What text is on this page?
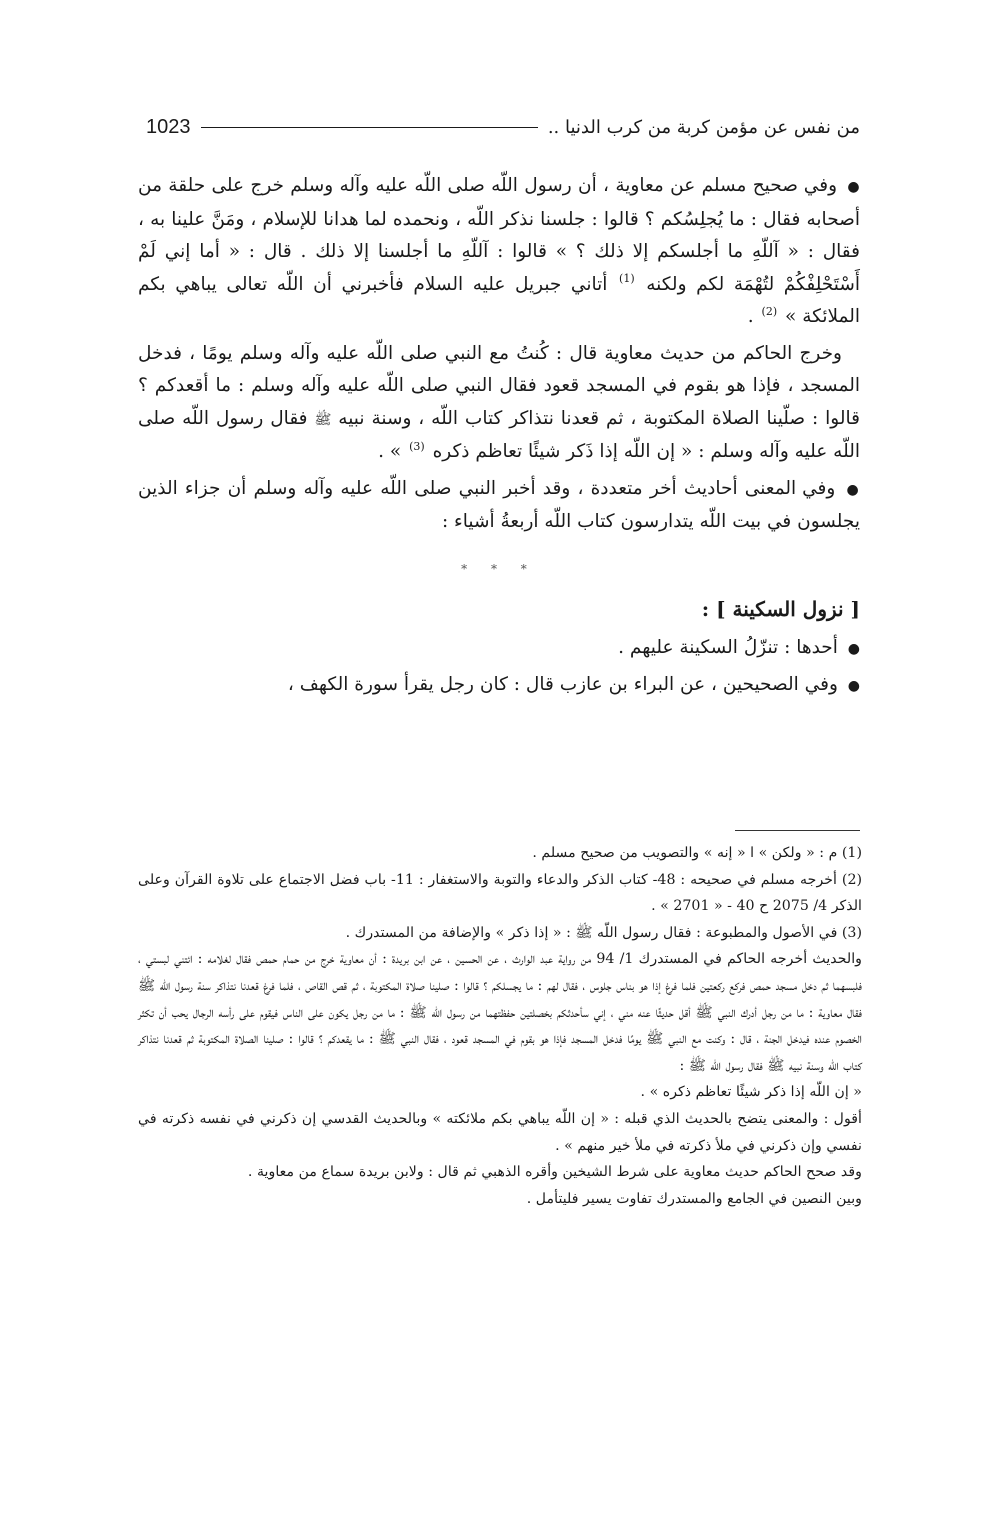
من نفس عن مؤمن كربة من كرب الدنيا ..
1023

● وفي صحيح مسلم عن معاوية ، أن رسول اللّه صلى اللّه عليه وآله وسلم خرج على حلقة من أصحابه فقال : ما يُجلِسُكم ؟ قالوا : جلسنا نذكر اللّه ، ونحمده لما هدانا للإسلام ، ومَنَّ علينا به ، فقال : « آللّهِ ما أجلسكم إلا ذلك ؟ » قالوا : آللّهِ ما أجلسنا إلا ذلك . قال : « أما إني لَمْ أَسْتَحْلِفْكُمْ لتُهْمَة لكم ولكنه $^{(1)}$ أتاني جبريل عليه السلام فأخبرني أن اللّه تعالى يباهي بكم الملائكة » $^{(2)}$ .

وخرج الحاكم من حديث معاوية قال : كُنتُ مع النبي صلى اللّه عليه وآله وسلم يومًا ، فدخل المسجد ، فإذا هو بقوم في المسجد قعود فقال النبي صلى اللّه عليه وآله وسلم : ما أقعدكم ؟ قالوا : صلّينا الصلاة المكتوبة ، ثم قعدنا نتذاكر كتاب اللّه ، وسنة نبيه ﷺ فقال رسول اللّه صلى اللّه عليه وآله وسلم : « إن اللّه إذا ذَكر شيئًا تعاظم ذكره $^{(3)}$ » .

● وفي المعنى أحاديث أخر متعددة ، وقد أخبر النبي صلى اللّه عليه وآله وسلم أن جزاء الذين يجلسون في بيت اللّه يتدارسون كتاب اللّه أربعةُ أشياء :

* * *
[ نزول السكينة ] :

● أحدها : تنزّلُ السكينة عليهم .

● وفي الصحيحين ، عن البراء بن عازب قال : كان رجل يقرأ سورة الكهف ،

(1) م : « ولكن » ا « إنه » والتصويب من صحيح مسلم .

(2) أخرجه مسلم في صحيحه : 48- كتاب الذكر والدعاء والتوبة والاستغفار : 11- باب فضل الاجتماع على تلاوة القرآن وعلى الذكر 4/ 2075 ح 40 - « 2701 » .

(3) في الأصول والمطبوعة : فقال رسول اللّه ﷺ : « إذا ذكر » والإضافة من المستدرك .

والحديث أخرجه الحاكم في المستدرك 1/ 94 من رواية عبد الوارث ، عن الحسين ، عن ابن بريدة : أن معاوية خرج من حمام حمص فقال لغلامه : ائتني لبستي ، فلبسهما ثم دخل مسجد حمص فركع ركعتين فلما فرغ إذا هو بناس جلوس ، فقال لهم : ما يجسلكم ؟ قالوا : صلينا صلاة المكتوبة ، ثم قص القاص ، فلما فرغ قعدنا نتذاكر سنة رسول اللّه ﷺ فقال معاوية : ما من رجل أدرك النبي ﷺ أقل حديثًا عنه مني ، إني سأحدثكم بخصلتين حفظتهما من رسول اللّه ﷺ : ما من رجل يكون على الناس فيقوم على رأسه الرجال يحب أن تكثر الخصوم عنده فيدخل الجنة ، قال : وكنت مع النبي ﷺ يومًا فدخل المسجد فإذا هو بقوم في المسجد قعود ، فقال النبي ﷺ : ما يقعدكم ؟ قالوا : صلينا الصلاة المكتوبة ثم قعدنا نتذاكر كتاب اللّه وسنة نبيه ﷺ فقال رسول اللّه ﷺ :

« إن اللّه إذا ذكر شيئًا تعاظم ذكره » .

أقول : والمعنى يتضح بالحديث الذي قبله : « إن اللّه يباهي بكم ملائكته » وبالحديث القدسي إن ذكرني في نفسه ذكرته في نفسي وإن ذكرني في ملأ ذكرته في ملأ خير منهم » .

وقد صحح الحاكم حديث معاوية على شرط الشيخين وأقره الذهبي ثم قال : ولابن بريدة سماع من معاوية .

وبين النصين في الجامع والمستدرك تفاوت يسير فليتأمل .
